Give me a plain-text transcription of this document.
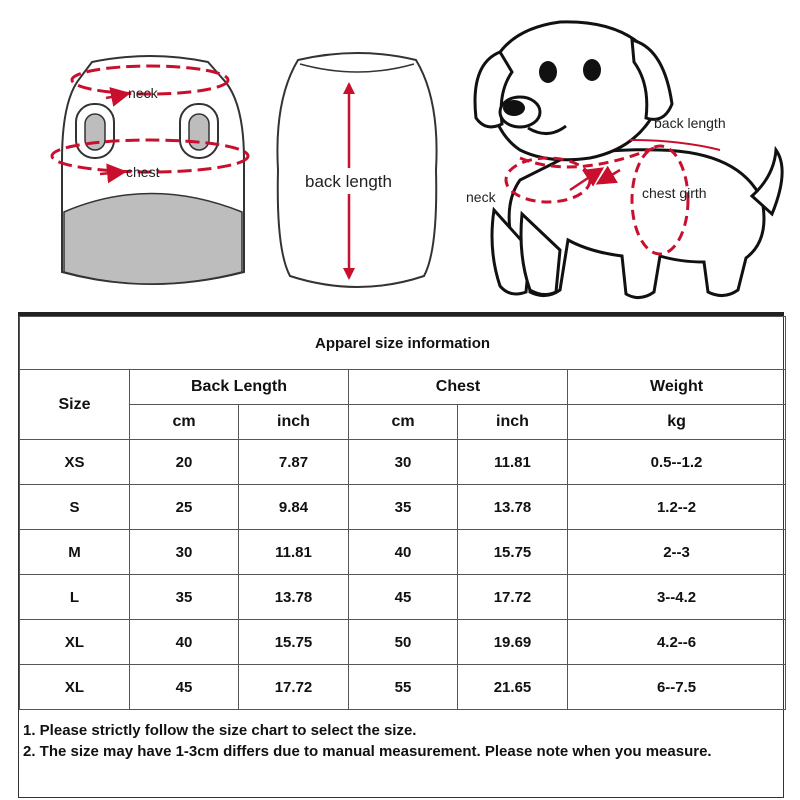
neck
chest	back length
back length
neck	chest girth
Apparel size information					
Size	Back Length		Chest		Weight
	cm	inch	cm	inch	kg
XS	20	7.87	30	11.81	0.5--1.2
S	25	9.84	35	13.78	1.2--2
M	30	11.81	40	15.75	2--3
L	35	13.78	45	17.72	3--4.2
XL	40	15.75	50	19.69	4.2--6
XL	45	17.72	55	21.65	6--7.5

1. Please strictly follow the size chart to select the size.

2. The size may have 1-3cm differs due to manual measurement. Please note when you measure.
